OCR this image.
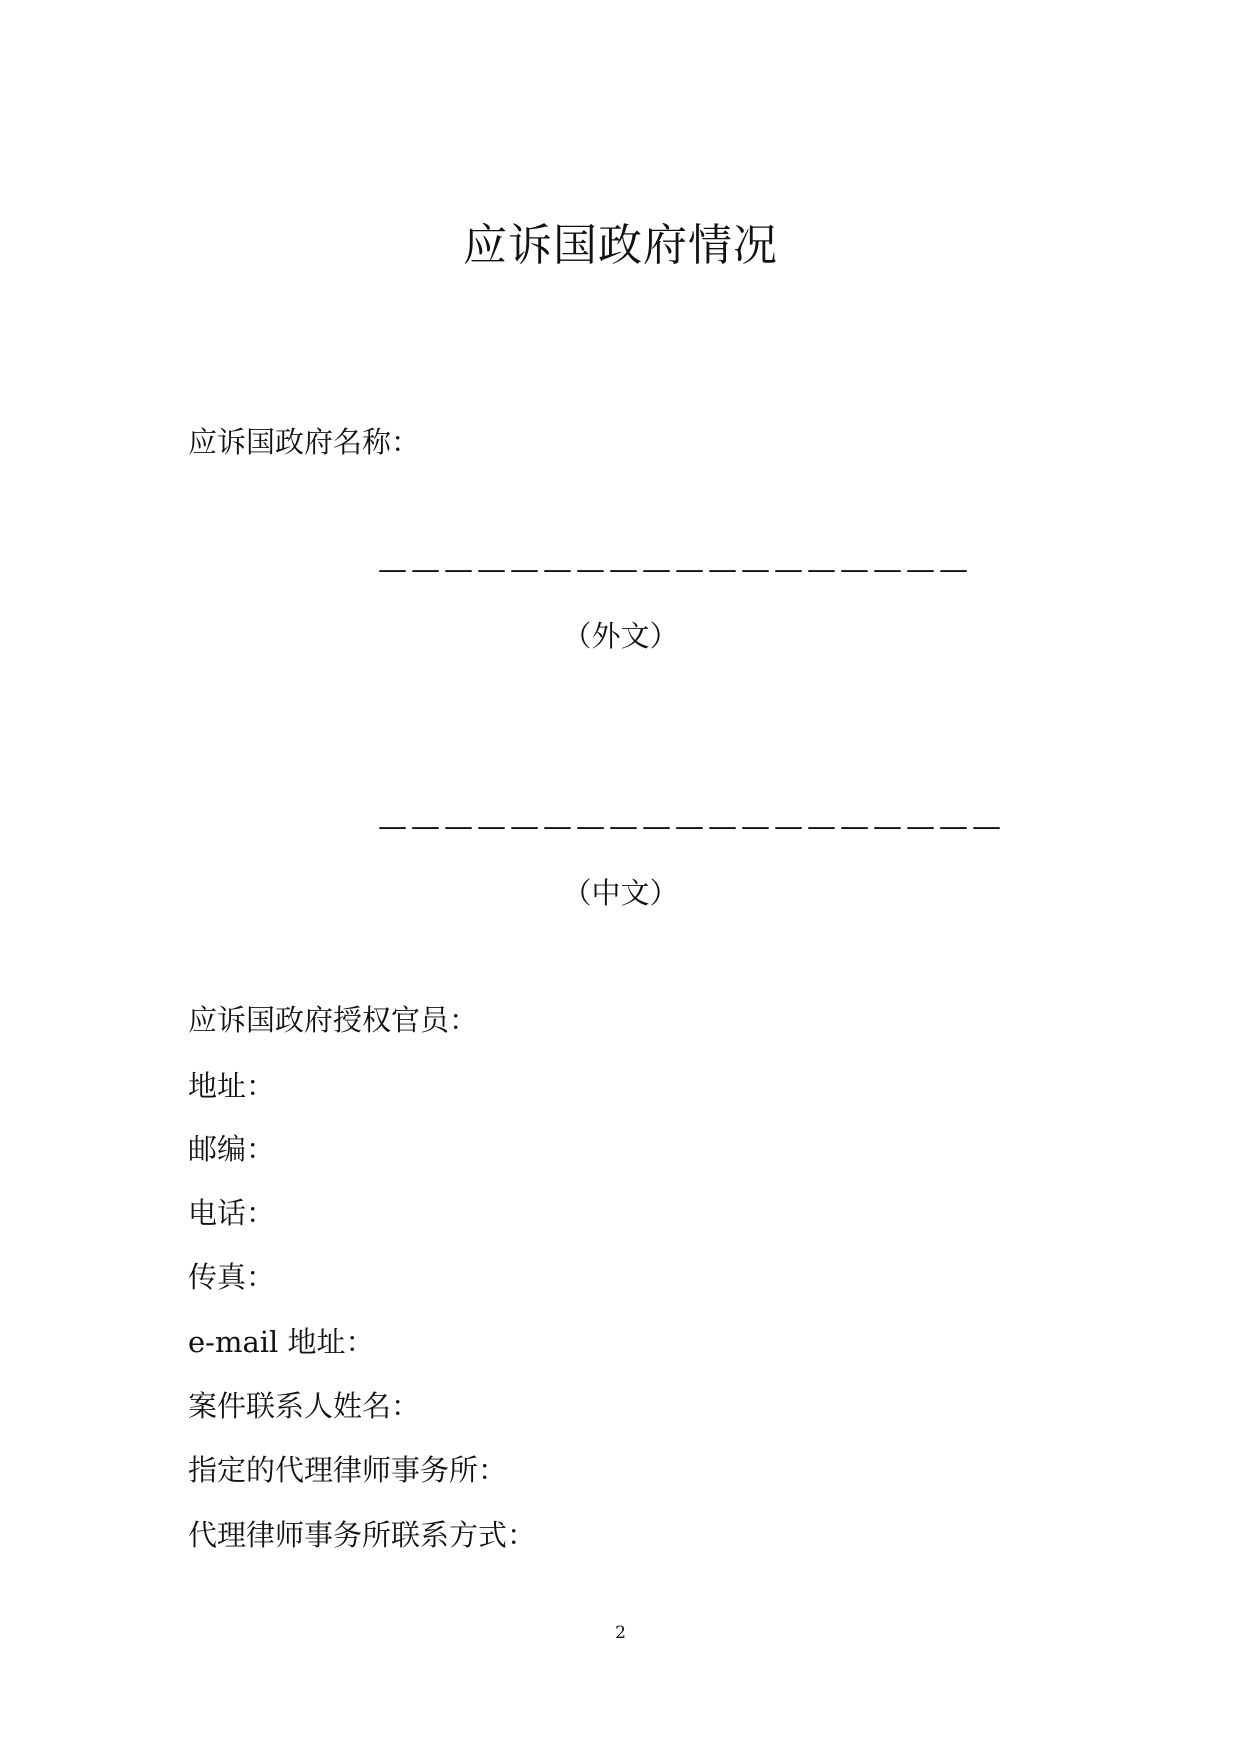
应诉国政府情况
应诉国政府名称：
——————————————————
（外文）
———————————————————
（中文）
应诉国政府授权官员：
地址：
邮编：
电话：
传真：
e-mail 地址：
案件联系人姓名：
指定的代理律师事务所：
代理律师事务所联系方式：
2
